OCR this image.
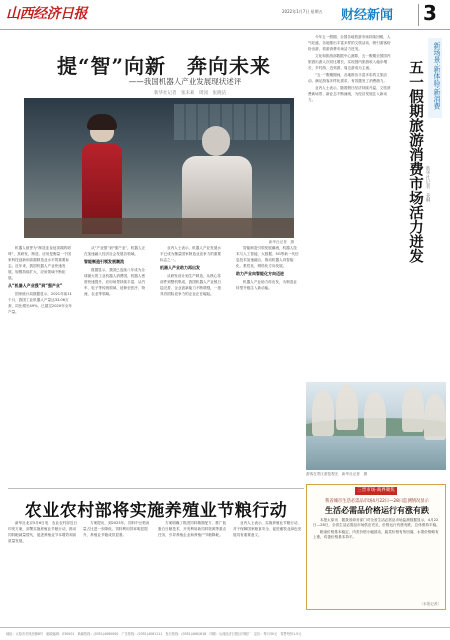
山西经济日报	2022年1月7日 星期五 财经新闻 3
提“智”向新　奔向未来
——我国机器人产业发展现状述评
新华社记者　张未莉　周园　张晓洁
新华社记者　摄

机器人被誉为“制造业皇冠顶端的明珠”，其研发、制造、应用是衡量一个国家科技创新和高端制造业水平的重要标志。近年来，我国机器人产业快速发展，规模持续扩大，应用领域不断拓展。

从“机器人产业强”到“强产业”

国家统计局数据显示，2021年前11个月，我国工业机器人产量达33.06万套，同比增长49%，已超过2020年全年产量。

从“产业强”到“强产业”，机器人正在加速融入经济社会发展各领域。

智能制造引领发展潮流

数据显示，我国已连续八年成为全球最大的工业机器人消费国，机器人密度快速提升，应用场景持续丰富，从汽车、电子等传统领域，延伸至医疗、物流、农业等领域。

业内人士表示，机器人产业发展水平已成为衡量国家制造业竞争力的重要标志之一。

机器人产业助力再出发

从研发设计到生产制造，从核心零部件到整机集成，我国机器人产业链日趋完善，企业创新能力不断增强，一批具有国际竞争力的企业正在崛起。

智能制造引领发展潮流，机器人技术与人工智能、大数据、5G等新一代信息技术加速融合，推动机器人向智能化、柔性化、网络化方向发展。

助力产业向智能化方向迈进

机器人产业助力再出发，为制造业转型升级注入新动能。

今年五一假期，全国各地旅游市场持续回暖，人气旺盛，各地推出丰富多样的文旅活动，吸引游客纷纷出游，旅游消费市场活力迸发。

文化和旅游部数据中心测算，五一假期全国国内旅游出游人次同比增长，实现国内旅游收入稳步增长，乡村游、近郊游、周边游成为主流。

“五一”假期期间，各地推出丰富多彩的文旅活动，满足游客多样化需求，有效激发了消费潜力。

业内人士表示，随着假日经济持续升温，文旅消费新场景、新业态不断涌现，为经济发展注入新动力。	新场景·新体验·新消费
五一假期旅游消费市场活力迸发 新华社记者　姜琳
游客在景区游览观光　新华社记者　摄
三晋市场·商界聚焦
我省城市生活必需品市场4月22日—28日监测情况显示
生活必需品价格运行有涨有跌

本报太原讯　据我省商务部门对全省生活必需品市场监测数据显示，4月22日—28日，全省生活必需品市场供应充足，价格运行有涨有跌，总体保持平稳。

粮油价格基本稳定，肉类价格小幅波动，蔬菜价格有所回落，水果价格略有上涨，鸡蛋价格基本持平。

（本报记者）
农业农村部将实施养殖业节粮行动

新华社北京5月6日电　农业农村部近日印发方案，部署实施养殖业节粮行动，推动饲料粮减量替代，促进养殖业节本增效和高质量发展。

方案提出，到2025年，饲料中豆粕用量占比进一步降低，饲料利用效率明显提升，养殖业节粮成效显著。

方案明确了推进饲料精准配方、推广低蛋白日粮技术、开发利用新饲料资源等重点任务，引导养殖企业和养殖户节粮降耗。

业内人士表示，实施养殖业节粮行动，对于保障国家粮食安全、促进畜牧业绿色发展具有重要意义。

地址：太原市长风西街8号　邮政编码：030001　新闻热线：(0351)4060000　广告热线：(0351)4061111　发行热线：(0351)4061818　印刷：山西经济日报社印刷厂　定价：每月30元　零售每份1.5元
